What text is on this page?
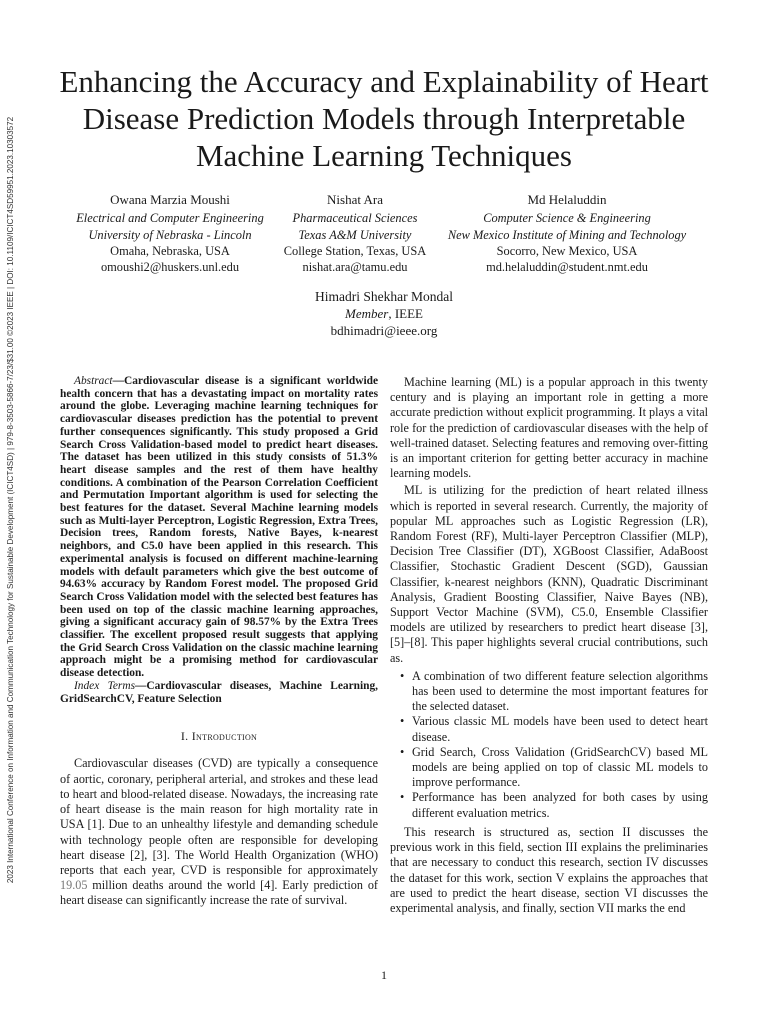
2023 International Conference on Information and Communication Technology for Sustainable Development (ICICT4SD) | 979-8-3503-5866-7/23/$31.00 ©2023 IEEE | DOI: 10.1109/ICICT4SD59951.2023.10303572
Enhancing the Accuracy and Explainability of Heart Disease Prediction Models through Interpretable Machine Learning Techniques
Owana Marzia Moushi
Electrical and Computer Engineering
University of Nebraska - Lincoln
Omaha, Nebraska, USA
omoushi2@huskers.unl.edu
Nishat Ara
Pharmaceutical Sciences
Texas A&M University
College Station, Texas, USA
nishat.ara@tamu.edu
Md Helaluddin
Computer Science & Engineering
New Mexico Institute of Mining and Technology
Socorro, New Mexico, USA
md.helaluddin@student.nmt.edu
Himadri Shekhar Mondal
Member, IEEE
bdhimadri@ieee.org

Abstract—Cardiovascular disease is a significant worldwide health concern that has a devastating impact on mortality rates around the globe. Leveraging machine learning techniques for cardiovascular diseases prediction has the potential to prevent further consequences significantly. This study proposed a Grid Search Cross Validation-based model to predict heart diseases. The dataset has been utilized in this study consists of 51.3% heart disease samples and the rest of them have healthy conditions. A combination of the Pearson Correlation Coefficient and Permutation Important algorithm is used for selecting the best features for the dataset. Several Machine learning models such as Multi-layer Perceptron, Logistic Regression, Extra Trees, Decision trees, Random forests, Native Bayes, k-nearest neighbors, and C5.0 have been applied in this research. This experimental analysis is focused on different machine-learning models with default parameters which give the best outcome of 94.63% accuracy by Random Forest model. The proposed Grid Search Cross Validation model with the selected best features has been used on top of the classic machine learning approaches, giving a significant accuracy gain of 98.57% by the Extra Trees classifier. The excellent proposed result suggests that applying the Grid Search Cross Validation on the classic machine learning approach might be a promising method for cardiovascular disease detection.

Index Terms—Cardiovascular diseases, Machine Learning, GridSearchCV, Feature Selection

I. Introduction

Cardiovascular diseases (CVD) are typically a consequence of aortic, coronary, peripheral arterial, and strokes and these lead to heart and blood-related disease. Nowadays, the increasing rate of heart disease is the main reason for high mortality rate in USA [1]. Due to an unhealthy lifestyle and demanding schedule with technology people often are responsible for developing heart disease [2], [3]. The World Health Organization (WHO) reports that each year, CVD is responsible for approximately 19.05 million deaths around the world [4]. Early prediction of heart disease can significantly increase the rate of survival.

Machine learning (ML) is a popular approach in this twenty century and is playing an important role in getting a more accurate prediction without explicit programming. It plays a vital role for the prediction of cardiovascular diseases with the help of well-trained dataset. Selecting features and removing over-fitting is an important criterion for getting better accuracy in machine learning models.

ML is utilizing for the prediction of heart related illness which is reported in several research. Currently, the majority of popular ML approaches such as Logistic Regression (LR), Random Forest (RF), Multi-layer Perceptron Classifier (MLP), Decision Tree Classifier (DT), XGBoost Classifier, AdaBoost Classifier, Stochastic Gradient Descent (SGD), Gaussian Classifier, k-nearest neighbors (KNN), Quadratic Discriminant Analysis, Gradient Boosting Classifier, Naive Bayes (NB), Support Vector Machine (SVM), C5.0, Ensemble Classifier models are utilized by researchers to predict heart disease [3], [5]–[8]. This paper highlights several crucial contributions, such as.

• A combination of two different feature selection algorithms has been used to determine the most important features for the selected dataset.
• Various classic ML models have been used to detect heart disease.
• Grid Search, Cross Validation (GridSearchCV) based ML models are being applied on top of classic ML models to improve performance.
• Performance has been analyzed for both cases by using different evaluation metrics.

This research is structured as, section II discusses the previous work in this field, section III explains the preliminaries that are necessary to conduct this research, section IV discusses the dataset for this work, section V explains the approaches that are used to predict the heart disease, section VI discusses the experimental analysis, and finally, section VII marks the end

1
